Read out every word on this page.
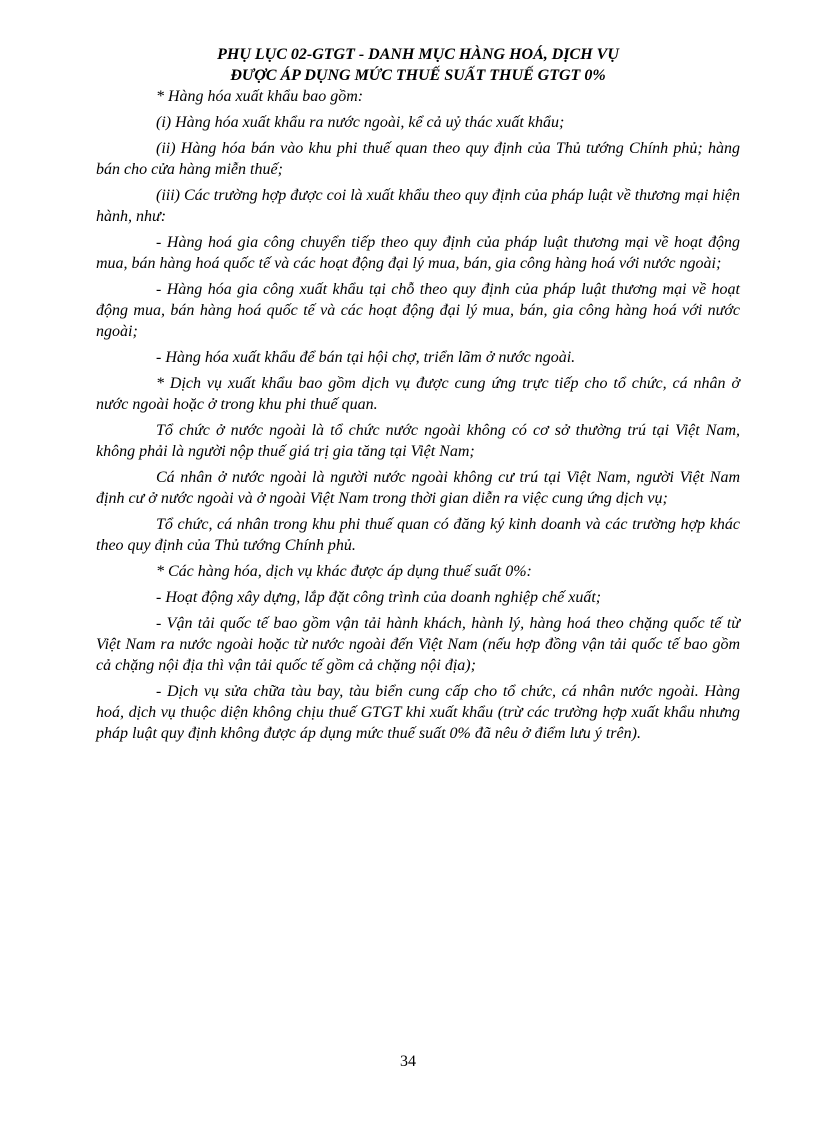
PHỤ LỤC 02-GTGT - DANH MỤC HÀNG HOÁ, DỊCH VỤ

ĐƯỢC ÁP DỤNG MỨC THUẾ SUẤT THUẾ GTGT 0%

* Hàng hóa xuất khẩu bao gồm:

(i) Hàng hóa xuất khẩu ra nước ngoài, kể cả uỷ thác xuất khẩu;

(ii) Hàng hóa bán vào khu phi thuế quan theo quy định của Thủ tướng Chính phủ; hàng bán cho cửa hàng miễn thuế;

(iii) Các trường hợp được coi là xuất khẩu theo quy định của pháp luật về thương mại hiện hành, như:

- Hàng hoá gia công chuyển tiếp theo quy định của pháp luật thương mại về hoạt động mua, bán hàng hoá quốc tế và các hoạt động đại lý mua, bán, gia công hàng hoá với nước ngoài;

- Hàng hóa gia công xuất khẩu tại chỗ theo quy định của pháp luật thương mại về hoạt động mua, bán hàng hoá quốc tế và các hoạt động đại lý mua, bán, gia công hàng hoá với nước ngoài;

- Hàng hóa xuất khẩu để bán tại hội chợ, triển lãm ở nước ngoài.

* Dịch vụ xuất khẩu bao gồm dịch vụ được cung ứng trực tiếp cho tổ chức, cá nhân ở nước ngoài hoặc ở trong khu phi thuế quan.

Tổ chức ở nước ngoài là tổ chức nước ngoài không có cơ sở thường trú tại Việt Nam, không phải là người nộp thuế giá trị gia tăng tại Việt Nam;

Cá nhân ở nước ngoài là người nước ngoài không cư trú tại Việt Nam, người Việt Nam định cư ở nước ngoài và ở ngoài Việt Nam trong thời gian diễn ra việc cung ứng dịch vụ;

Tổ chức, cá nhân trong khu phi thuế quan có đăng ký kinh doanh và các trường hợp khác theo quy định của Thủ tướng Chính phủ.

* Các hàng hóa, dịch vụ khác được áp dụng thuế suất 0%:

- Hoạt động xây dựng, lắp đặt công trình của doanh nghiệp chế xuất;

- Vận tải quốc tế bao gồm vận tải hành khách, hành lý, hàng hoá theo chặng quốc tế từ Việt Nam ra nước ngoài hoặc từ nước ngoài đến Việt Nam (nếu hợp đồng vận tải quốc tế bao gồm cả chặng nội địa thì vận tải quốc tế gồm cả chặng nội địa);

- Dịch vụ sửa chữa tàu bay, tàu biển cung cấp cho tổ chức, cá nhân nước ngoài. Hàng hoá, dịch vụ thuộc diện không chịu thuế GTGT khi xuất khẩu (trừ các trường hợp xuất khẩu nhưng pháp luật quy định không được áp dụng mức thuế suất 0% đã nêu ở điểm lưu ý trên).

34
